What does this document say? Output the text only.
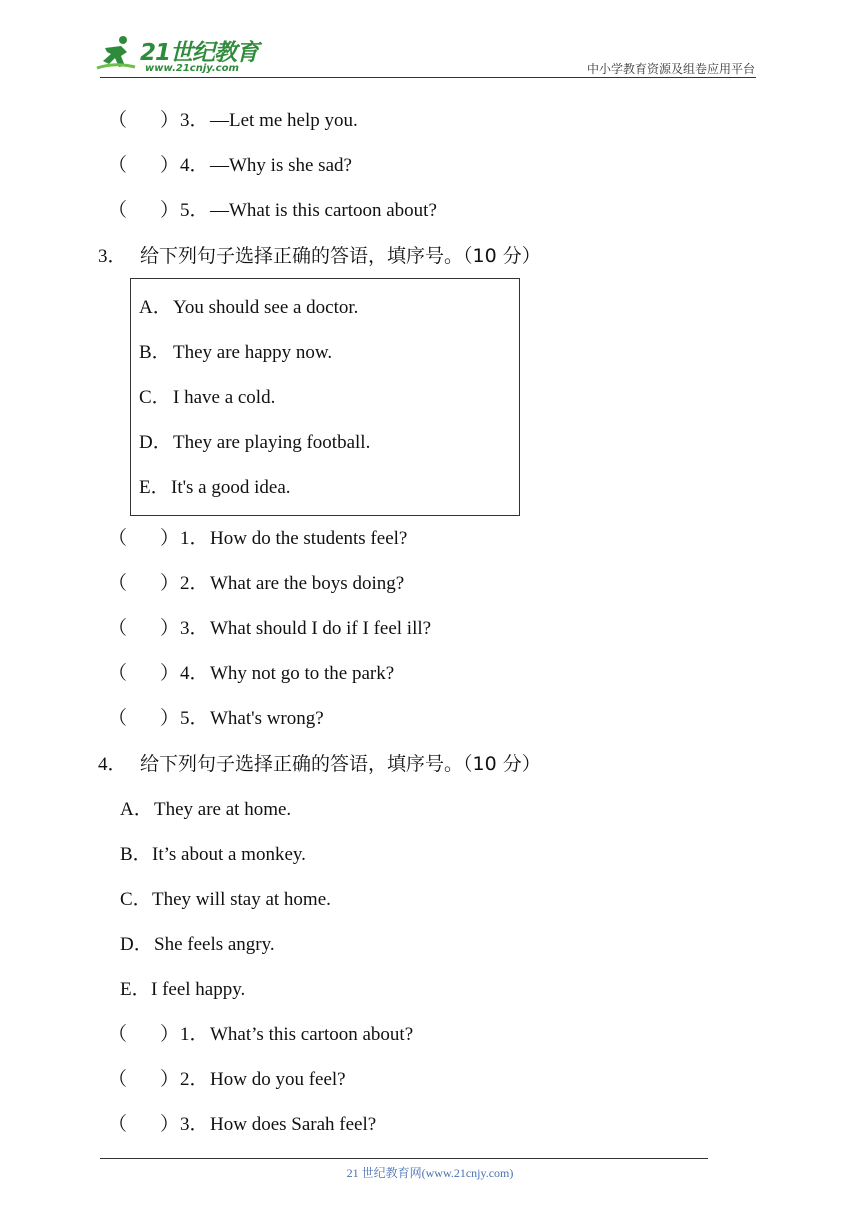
21世纪教育
www.21cnjy.com	中小学教育资源及组卷应用平台
（ ） 3． —Let me help you.
（ ） 4． —Why is she sad?
（ ） 5． —What is this cartoon about?
3． 给下列句子选择正确的答语，填序号。（10 分）
A． You should see a doctor.
B． They are happy now.
C． I have a cold.
D． They are playing football.
E． It's a good idea.
（ ） 1． How do the students feel?
（ ） 2． What are the boys doing?
（ ） 3． What should I do if I feel ill?
（ ） 4． Why not go to the park?
（ ） 5． What's wrong?
4． 给下列句子选择正确的答语，填序号。（10 分）
A． They are at home.
B． It’s about a monkey.
C． They will stay at home.
D． She feels angry.
E． I feel happy.
（ ） 1． What’s this cartoon about?
（ ） 2． How do you feel?
（ ） 3． How does Sarah feel?
21 世纪教育网(www.21cnjy.com)
